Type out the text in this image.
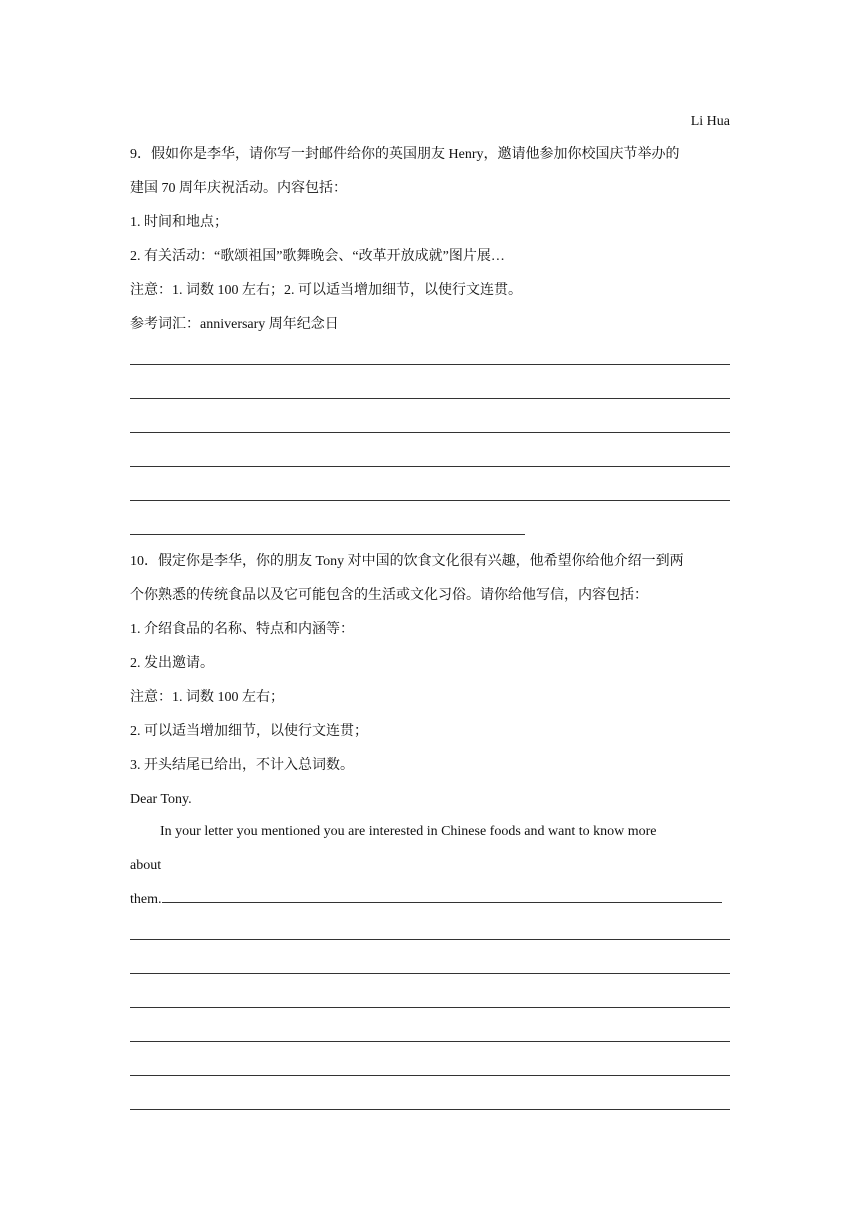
Li Hua
9．假如你是李华，请你写一封邮件给你的英国朋友 Henry，邀请他参加你校国庆节举办的
建国 70 周年庆祝活动。内容包括：
1. 时间和地点；
2. 有关活动：“歌颂祖国”歌舞晚会、“改革开放成就”图片展…
注意：1. 词数 100 左右；2. 可以适当增加细节，以使行文连贯。
参考词汇：anniversary 周年纪念日
10．假定你是李华，你的朋友 Tony 对中国的饮食文化很有兴趣，他希望你给他介绍一到两
个你熟悉的传统食品以及它可能包含的生活或文化习俗。请你给他写信，内容包括：
1. 介绍食品的名称、特点和内涵等：
2. 发出邀请。
注意：1. 词数 100 左右；
2. 可以适当增加细节，以使行文连贯；
3. 开头结尾已给出，不计入总词数。
Dear Tony.
In your letter you mentioned you are interested in Chinese foods and want to know more
about
them.
